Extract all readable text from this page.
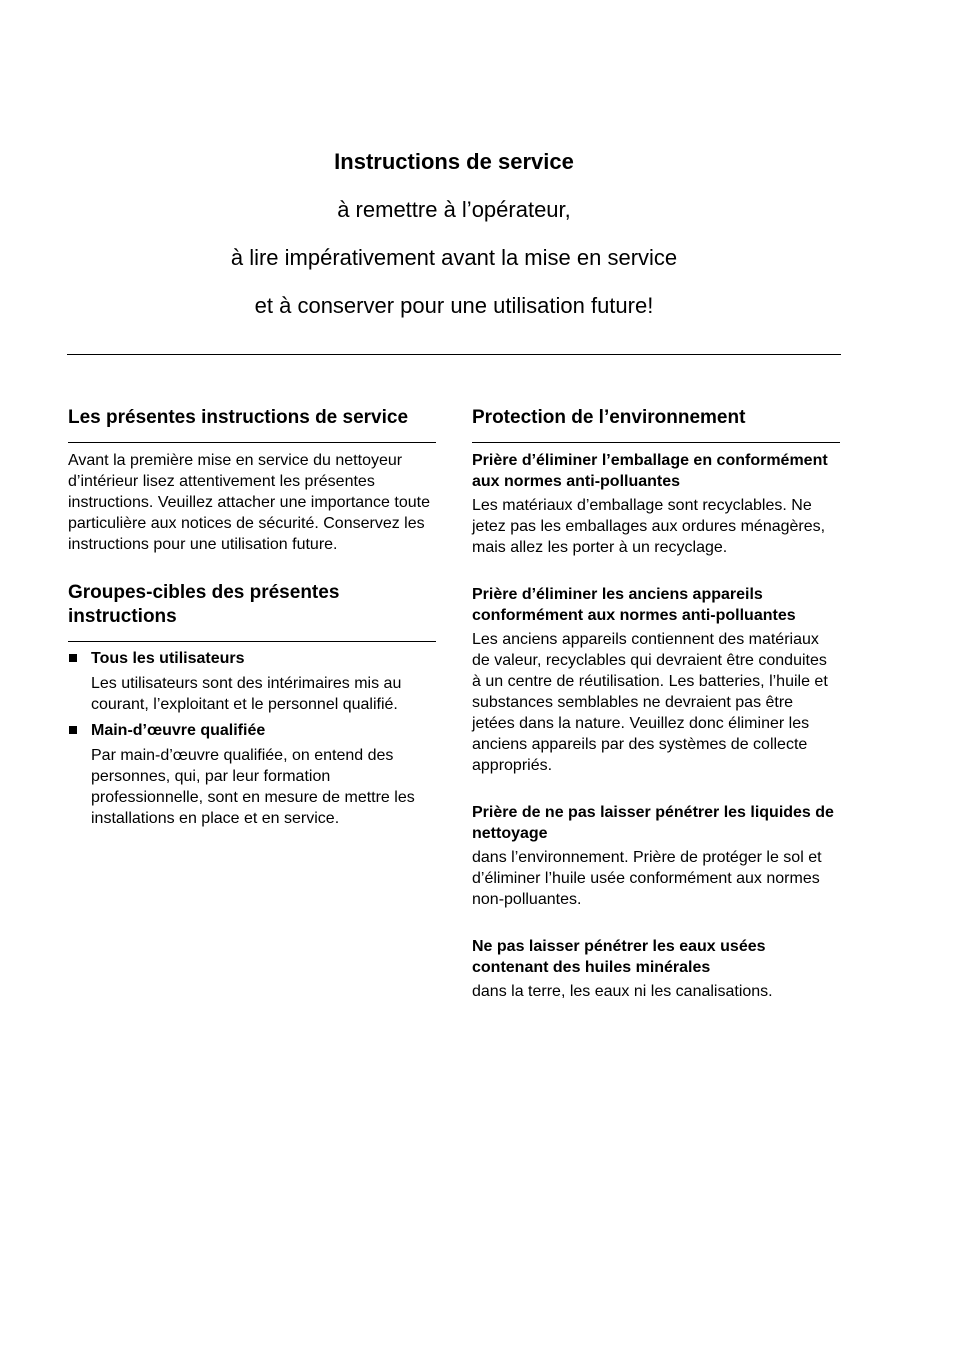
Instructions de service
à remettre à l’opérateur,
à lire impérativement avant la mise en service
et à conserver pour une utilisation future!
Les présentes instructions de service

Avant la première mise en service du nettoyeur d’intérieur lisez attentivement les présentes instructions. Veuillez attacher une importance toute particulière aux notices de sécurité. Conservez les instructions pour une utilisation future.

Groupes-cibles des présentes instructions

Tous les utilisateurs

Les utilisateurs sont des intérimaires mis au courant, l’exploitant et le personnel qualifié.

Main-d’œuvre qualifiée

Par main-d’œuvre qualifiée, on entend des personnes, qui, par leur formation professionnelle, sont en mesure de mettre les installations en place et en service.

Protection de l’environnement

Prière d’éliminer l’emballage en conformément aux normes anti-polluantes

Les matériaux d’emballage sont recyclables. Ne jetez pas les emballages aux ordures ménagères, mais allez les porter à un recyclage.

Prière d’éliminer les anciens appareils conformément aux normes anti-polluantes

Les anciens appareils contiennent des matériaux de valeur, recyclables qui devraient être conduites à un centre de réutilisation. Les batteries, l’huile et substances semblables ne devraient pas être jetées dans la nature. Veuillez donc éliminer les anciens appareils par des systèmes de collecte appropriés.

Prière de ne pas laisser pénétrer les liquides de nettoyage

dans l’environnement. Prière de protéger le sol et d’éliminer l’huile usée conformément aux normes non-polluantes.

Ne pas laisser pénétrer les eaux usées contenant des huiles minérales

dans la terre, les eaux ni les canalisations.
